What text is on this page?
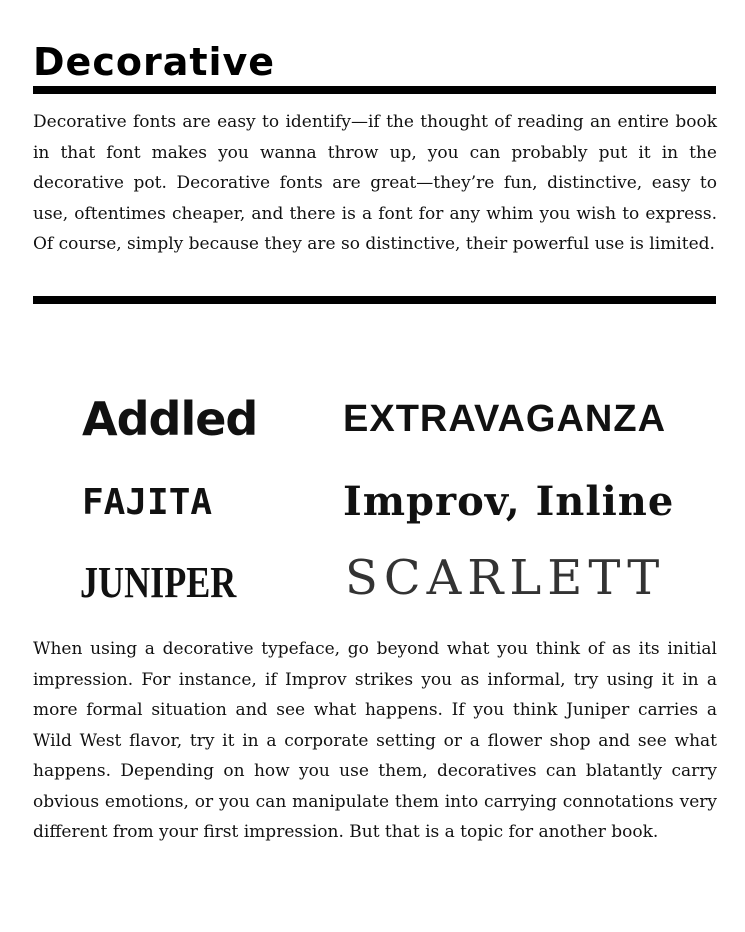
Decorative

Decorative fonts are easy to identify—if the thought of reading an entire book in that font makes you wanna throw up, you can probably put it in the decorative pot. Decorative fonts are great—they’re fun, distinctive, easy to use, oftentimes cheaper, and there is a font for any whim you wish to express. Of course, simply because they are so distinctive, their powerful use is limited.

Addled EXTRAVAGANZA
FAJITA	Improv, Inline
JUNIPER SCARLETT

When using a decorative typeface, go beyond what you think of as its initial impression. For instance, if Improv strikes you as informal, try using it in a more formal situation and see what happens. If you think Juniper carries a Wild West flavor, try it in a corporate setting or a flower shop and see what happens. Depending on how you use them, decoratives can blatantly carry obvious emotions, or you can manipulate them into carrying connotations very different from your first impression. But that is a topic for another book.
